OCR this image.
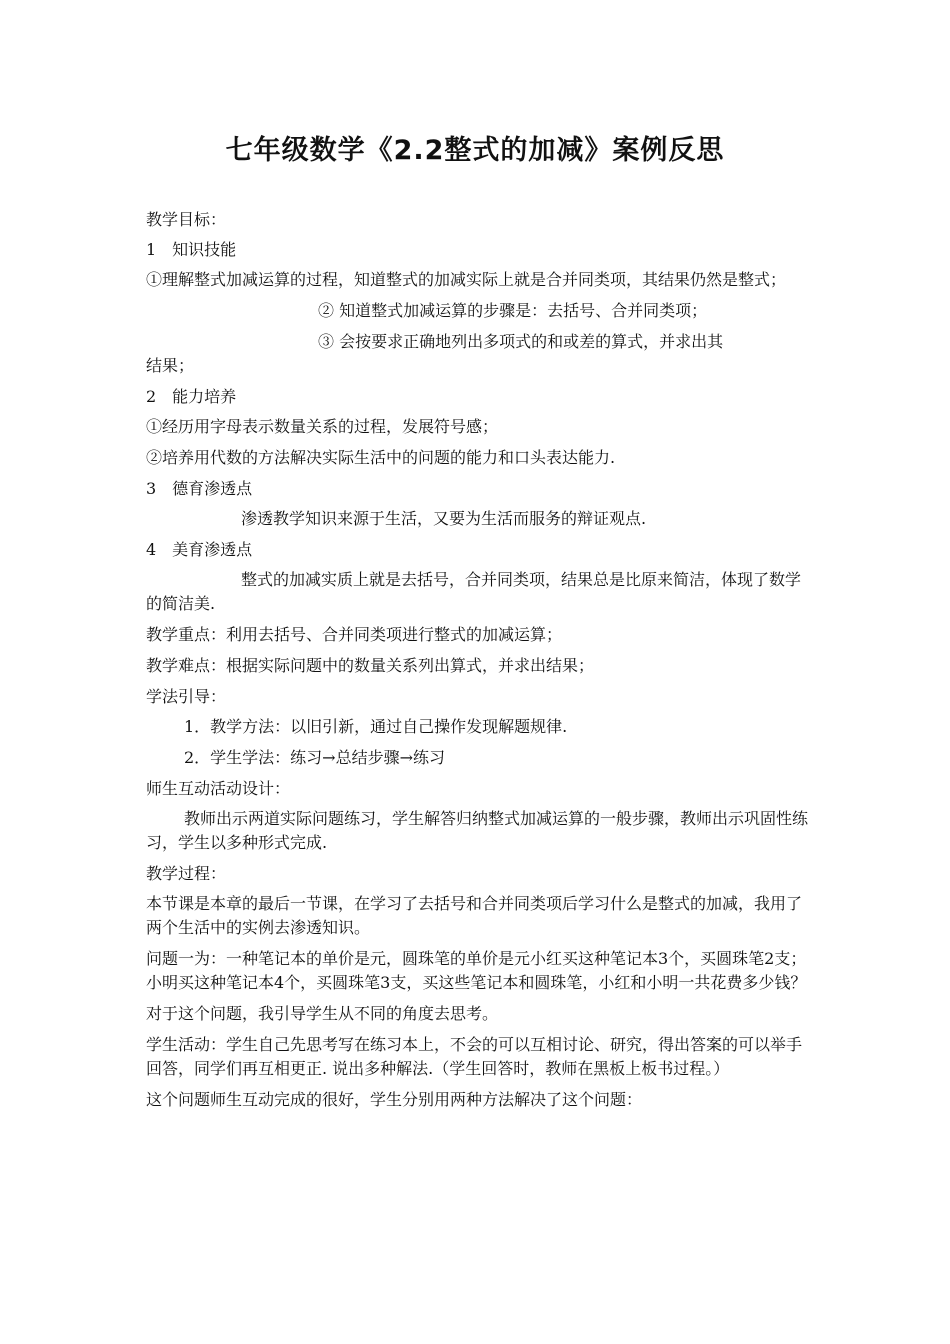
七年级数学《2.2整式的加减》案例反思

教学目标：

1　知识技能

①理解整式加减运算的过程，知道整式的加减实际上就是合并同类项，其结果仍然是整式；

② 知道整式加减运算的步骤是：去括号、合并同类项；

③ 会按要求正确地列出多项式的和或差的算式，并求出其

结果；

2　能力培养

①经历用字母表示数量关系的过程，发展符号感；

②培养用代数的方法解决实际生活中的问题的能力和口头表达能力.

3　德育渗透点

渗透教学知识来源于生活，又要为生活而服务的辩证观点.

4　美育渗透点

整式的加减实质上就是去括号，合并同类项，结果总是比原来简洁，体现了数学的简洁美.

教学重点：利用去括号、合并同类项进行整式的加减运算；

教学难点：根据实际问题中的数量关系列出算式，并求出结果；

学法引导：

1．教学方法：以旧引新，通过自己操作发现解题规律.

2．学生学法：练习→总结步骤→练习

师生互动活动设计：

教师出示两道实际问题练习，学生解答归纳整式加减运算的一般步骤，教师出示巩固性练习，学生以多种形式完成.

教学过程：

本节课是本章的最后一节课，在学习了去括号和合并同类项后学习什么是整式的加减，我用了两个生活中的实例去渗透知识。

问题一为：一种笔记本的单价是元，圆珠笔的单价是元小红买这种笔记本3个，买圆珠笔2支；小明买这种笔记本4个，买圆珠笔3支，买这些笔记本和圆珠笔，小红和小明一共花费多少钱？

对于这个问题，我引导学生从不同的角度去思考。

学生活动：学生自己先思考写在练习本上，不会的可以互相讨论、研究，得出答案的可以举手回答，同学们再互相更正. 说出多种解法.（学生回答时，教师在黑板上板书过程。）

这个问题师生互动完成的很好，学生分别用两种方法解决了这个问题：
